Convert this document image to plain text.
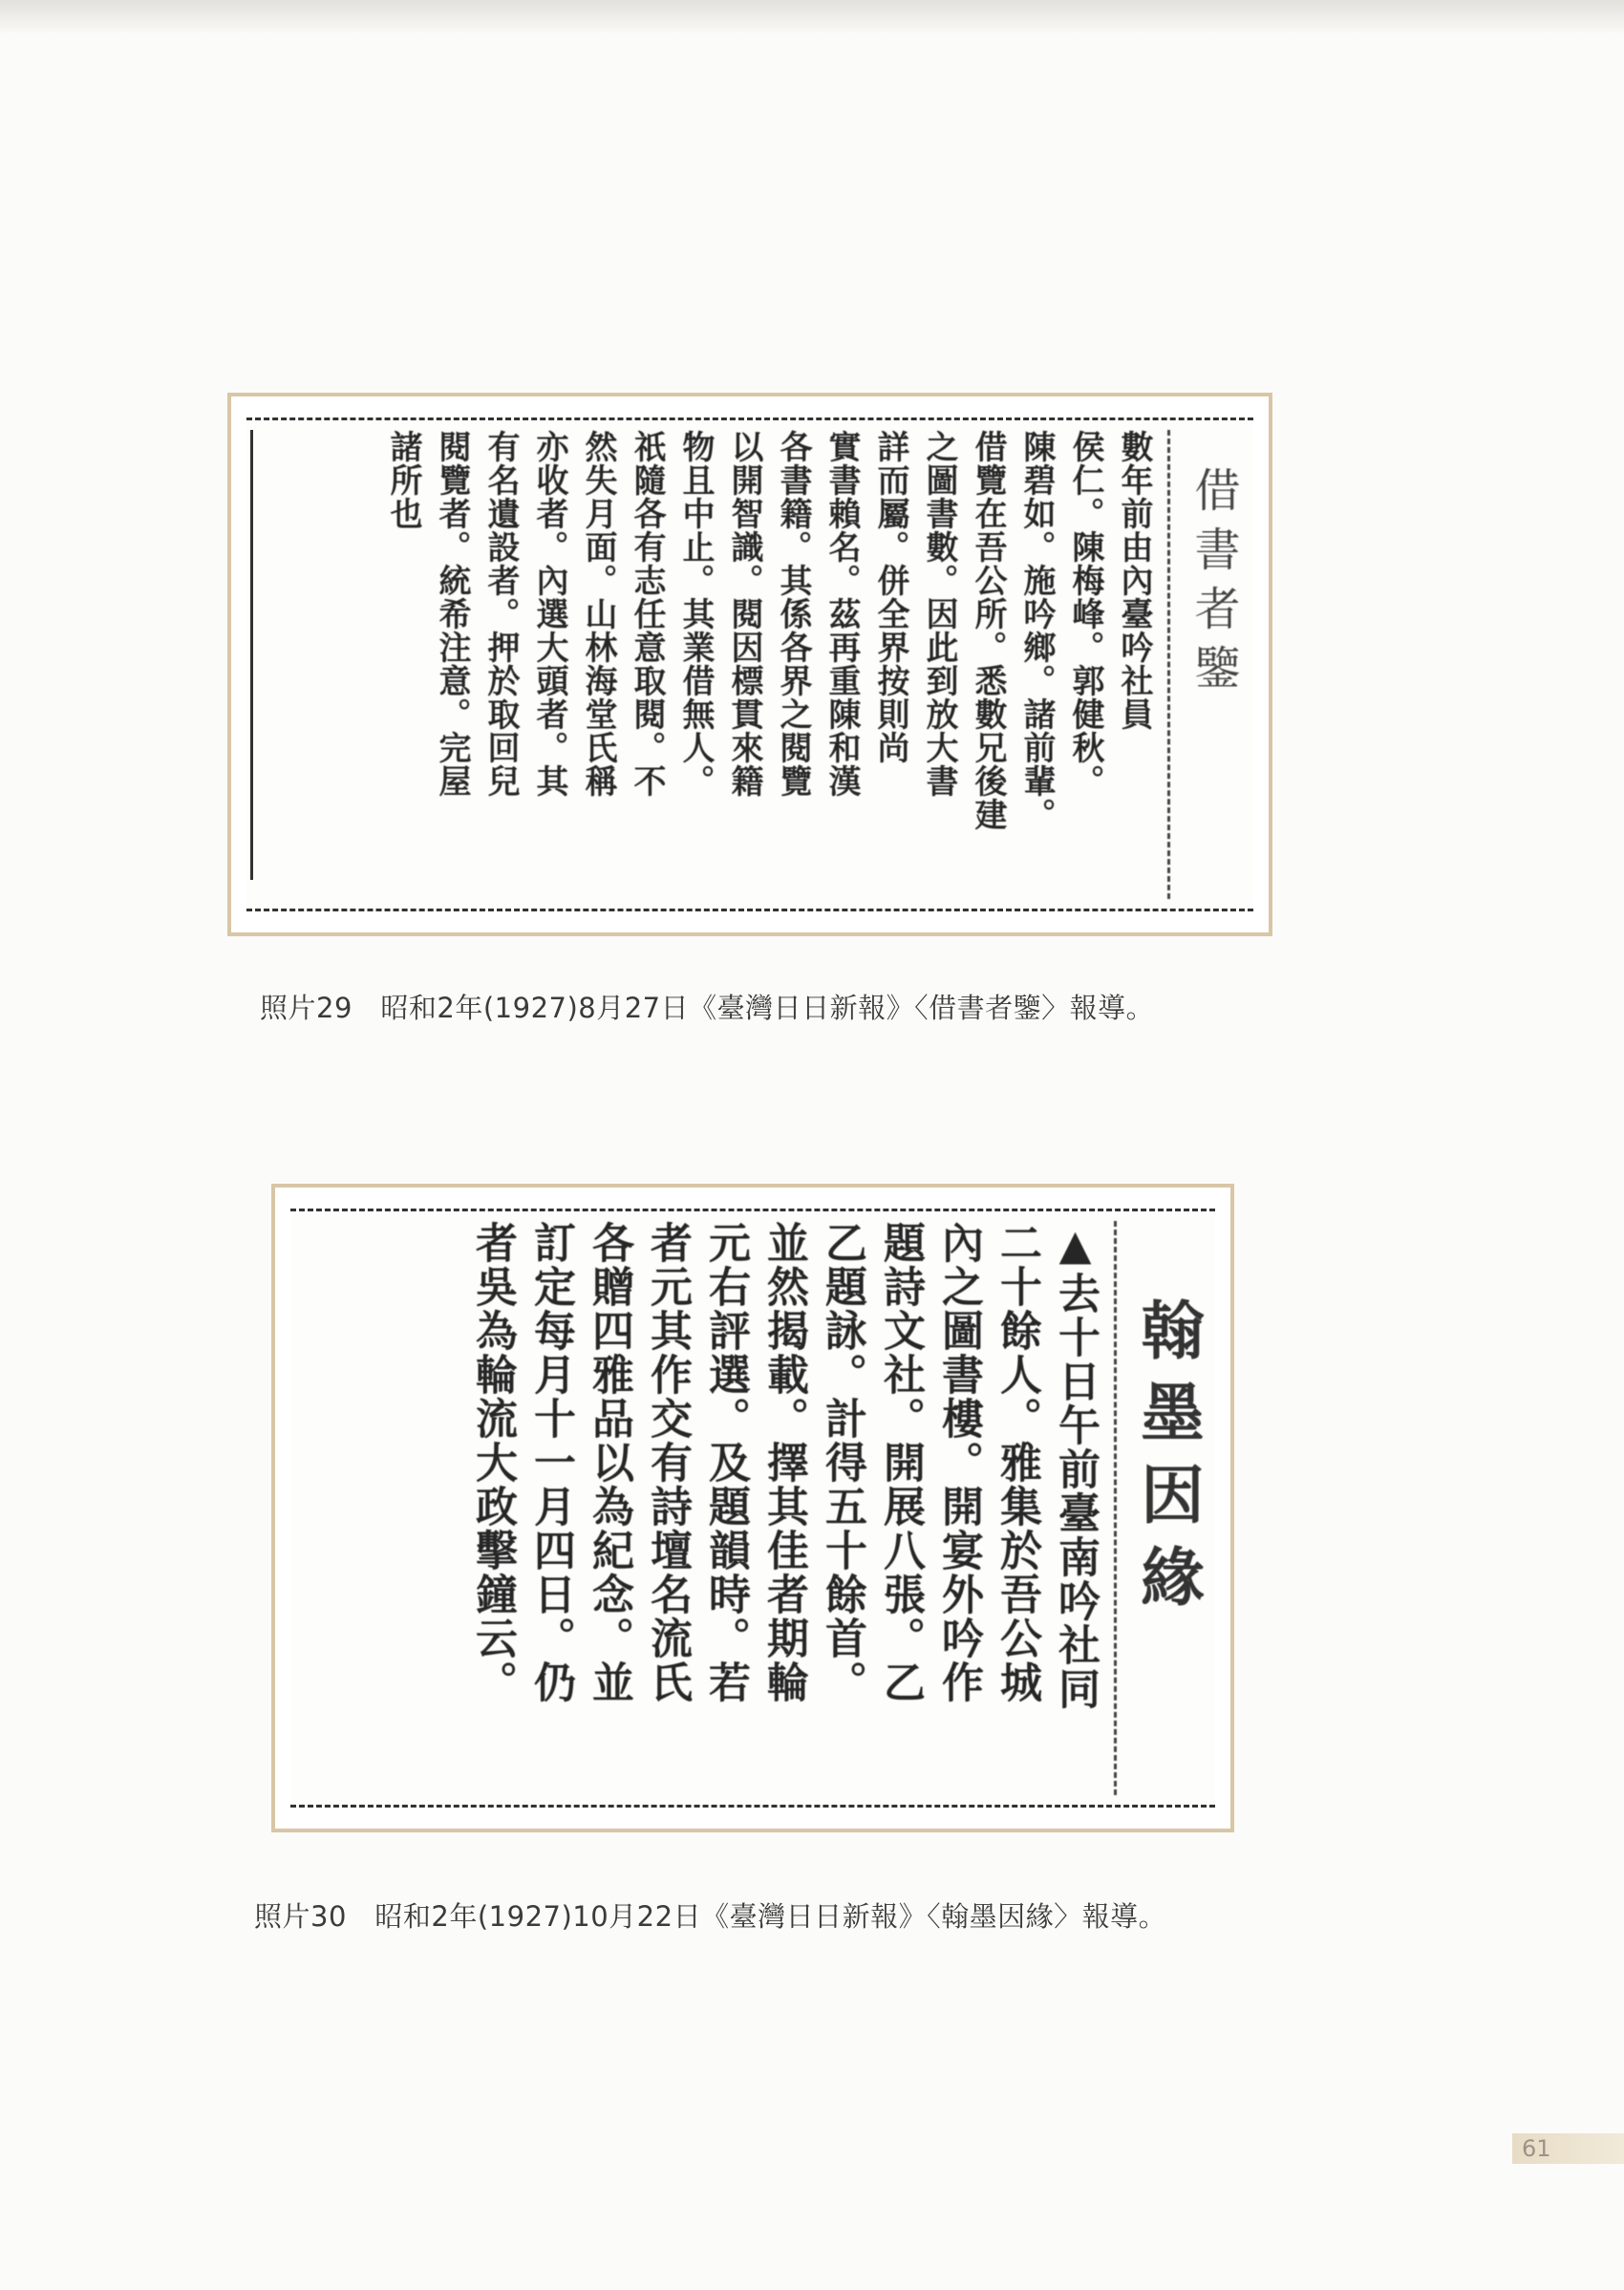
借書者鑒
數年前由內臺吟社員
侯仁。陳梅峰。郭健秋。
陳碧如。施吟鄉。諸前輩。
借覽在吾公所。悉數兄後建
之圖書數。因此到放大書
詳而屬。併全界按則尚
實書賴名。茲再重陳和漢
各書籍。其係各界之閱覽
以開智識。閱因標貫來籍
物且中止。其業借無人。
祇隨各有志任意取閱。不
然失月面。山林海堂氏稱
亦收者。內選大頭者。其
有名遺設者。押於取回兒
閱覽者。統希注意。完屋
諸所也
照片29　昭和2年(1927)8月27日《臺灣日日新報》〈借書者鑒〉報導。
翰墨因緣
▲去十日午前臺南吟社同
二十餘人。雅集於吾公城
內之圖書樓。開宴外吟作
題詩文社。開展八張。乙
乙題詠。計得五十餘首。
並然揭載。擇其佳者期輪
元右評選。及題韻時。若
者元其作交有詩壇名流氏
各贈四雅品以為紀念。並
訂定每月十一月四日。仍
者吳為輪流大政擊鐘云。
照片30　昭和2年(1927)10月22日《臺灣日日新報》〈翰墨因緣〉報導。
61
